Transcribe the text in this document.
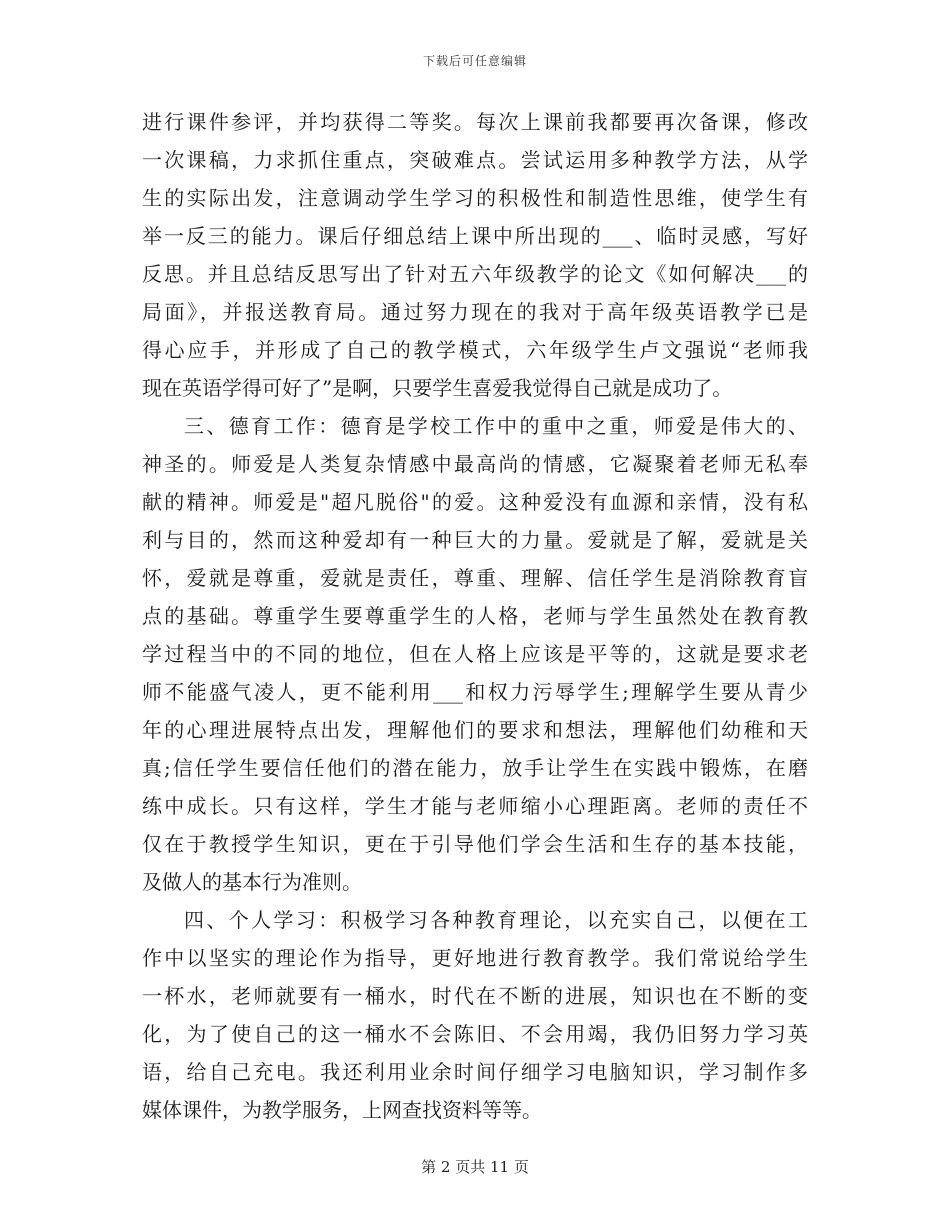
下载后可任意编辑
进行课件参评，并均获得二等奖。每次上课前我都要再次备课，修改
一次课稿，力求抓住重点，突破难点。尝试运用多种教学方法，从学
生的实际出发，注意调动学生学习的积极性和制造性思维，使学生有
举一反三的能力。课后仔细总结上课中所出现的___、临时灵感，写好
反思。并且总结反思写出了针对五六年级教学的论文《如何解决___的
局面》，并报送教育局。通过努力现在的我对于高年级英语教学已是
得心应手，并形成了自己的教学模式，六年级学生卢文强说“老师我
现在英语学得可好了”是啊，只要学生喜爱我觉得自己就是成功了。
三、德育工作：德育是学校工作中的重中之重，师爱是伟大的、
神圣的。师爱是人类复杂情感中最高尚的情感，它凝聚着老师无私奉
献的精神。师爱是"超凡脱俗"的爱。这种爱没有血源和亲情，没有私
利与目的，然而这种爱却有一种巨大的力量。爱就是了解，爱就是关
怀，爱就是尊重，爱就是责任，尊重、理解、信任学生是消除教育盲
点的基础。尊重学生要尊重学生的人格，老师与学生虽然处在教育教
学过程当中的不同的地位，但在人格上应该是平等的，这就是要求老
师不能盛气凌人，更不能利用___和权力污辱学生;理解学生要从青少
年的心理进展特点出发，理解他们的要求和想法，理解他们幼稚和天
真;信任学生要信任他们的潜在能力，放手让学生在实践中锻炼，在磨
练中成长。只有这样，学生才能与老师缩小心理距离。老师的责任不
仅在于教授学生知识，更在于引导他们学会生活和生存的基本技能，
及做人的基本行为准则。
四、个人学习：积极学习各种教育理论，以充实自己，以便在工
作中以坚实的理论作为指导，更好地进行教育教学。我们常说给学生
一杯水，老师就要有一桶水，时代在不断的进展，知识也在不断的变
化，为了使自己的这一桶水不会陈旧、不会用竭，我仍旧努力学习英
语，给自己充电。我还利用业余时间仔细学习电脑知识，学习制作多
媒体课件，为教学服务，上网查找资料等等。
第 2 页共 11 页
